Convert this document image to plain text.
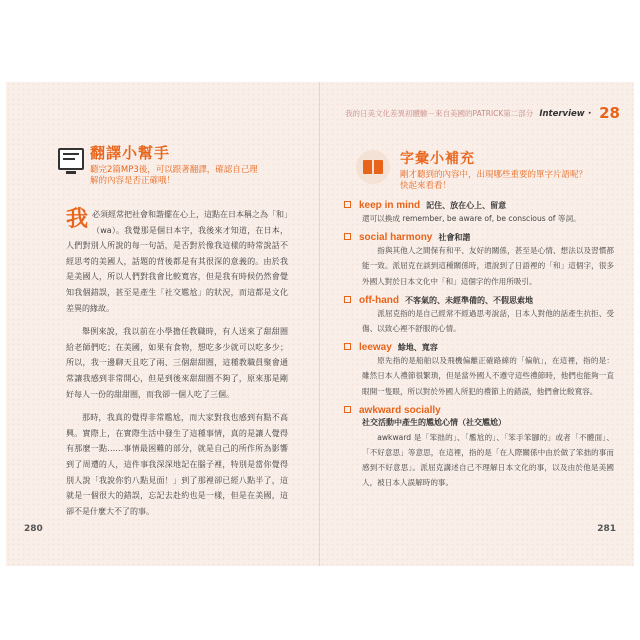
翻譯小幫手
聽完2篇MP3後，可以跟著翻譯，確認自己理解的內容是否正確哦！

我必須經常把社會和諧擺在心上，這點在日本稱之為「和」（wa）。我覺那是個日本字，我後來才知道，在日本，人們對別人所說的每一句話，是否對於像我這樣的時常說話不經思考的美國人，話題的背後都是有其很深的意義的。由於我是美國人，所以人們對我會比較寬容，但是我有時候仍然會覺知我個錯誤，甚至是產生「社交尷尬」的狀況，而這都是文化差異的緣故。

舉例來說，我以前在小學擔任教職時，有人送來了甜甜圈給老師們吃；在美國，如果有食物，想吃多少就可以吃多少；所以，我一邊聊天且吃了兩、三個甜甜圈，這種教職員聚會通常讓我感到非常開心，但是到後來甜甜圈不夠了，原來那是剛好每人一份的甜甜圈，而我卻一個人吃了三個。

那時，我真的覺得非常尷尬，而大家對我也感到有點不高興。實際上，在實際生活中發生了這種事情，真的是讓人覺得有那麼一點……事情最困難的部分，就是自己的所作所為影響到了周遭的人，這件事我深深地記在腦子裡，特別是當你覺得別人說「我說你豹八點見面！」到了那裡卻已經八點半了，這就是一個很大的錯誤，忘記去赴約也是一樣，但是在美國，這卻不是什麼大不了的事。

280
我的日美文化差異初體驗－來自美國的PATRICK第二部分 Interview・ 28
字彙小補充
剛才聽到的內容中，出現哪些重要的單字片語呢？快起來看看！
keep in mind 記住、放在心上、留意

還可以換成 remember, be aware of, be conscious of 等詞。

social harmony 社會和諧

指與其他人之間保有和平、友好的關係，甚至是心情、想法以及習慣都能一致。派屈克在談到這種關係時，還說到了日語裡的「和」這個字，很多外國人對於日本文化中「和」這個字的作用所吸引。

off-hand 不客氣的、未經準備的、不假思索地

派屈克指的是自己經常不經過思考說話，日本人對他的話產生抗拒、受傷、以致心裡不舒服的心情。

leeway 餘地、寬容

原先指的是船舶以及飛機偏離正確路線的「偏航」，在這裡，指的是：雖然日本人禮節很繁瑣，但是當外國人不遵守這些禮節時，他們也能夠一直眼開一隻眼，所以對於外國人所犯的禮節上的錯誤，他們會比較寬容。

awkward socially
社交活動中產生的尷尬心情（社交尷尬）

awkward 是「笨拙的」、「尷尬的」、「笨手笨腳的」或者「不體面」、「不好意思」等意思，在這裡，指的是「在人際關係中由於做了笨拙的事而感到不好意思」。派屈克講述自己不理解日本文化的事，以及由於他是美國人，被日本人誤解時的事。

281
